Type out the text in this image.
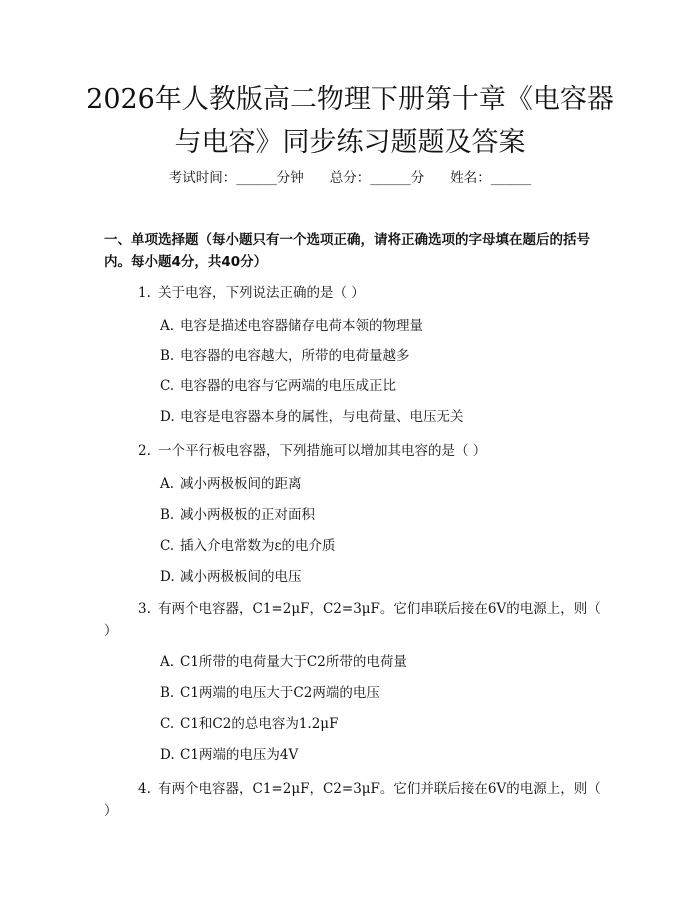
2026年人教版高二物理下册第十章《电容器
与电容》同步练习题题及答案
考试时间：______分钟 总分：______分 姓名：______
一、单项选择题（每小题只有一个选项正确，请将正确选项的字母填在题后的括号内。每小题4分，共40分）
1. 关于电容，下列说法正确的是（ ）
A. 电容是描述电容器储存电荷本领的物理量
B. 电容器的电容越大，所带的电荷量越多
C. 电容器的电容与它两端的电压成正比
D. 电容是电容器本身的属性，与电荷量、电压无关
2. 一个平行板电容器，下列措施可以增加其电容的是（ ）
A. 减小两极板间的距离
B. 减小两极板的正对面积
C. 插入介电常数为ε的电介质
D. 减小两极板间的电压
3. 有两个电容器，C1=2μF，C2=3μF。它们串联后接在6V的电源上，则（ ）
A. C1所带的电荷量大于C2所带的电荷量
B. C1两端的电压大于C2两端的电压
C. C1和C2的总电容为1.2μF
D. C1两端的电压为4V
4. 有两个电容器，C1=2μF，C2=3μF。它们并联后接在6V的电源上，则（ ）
